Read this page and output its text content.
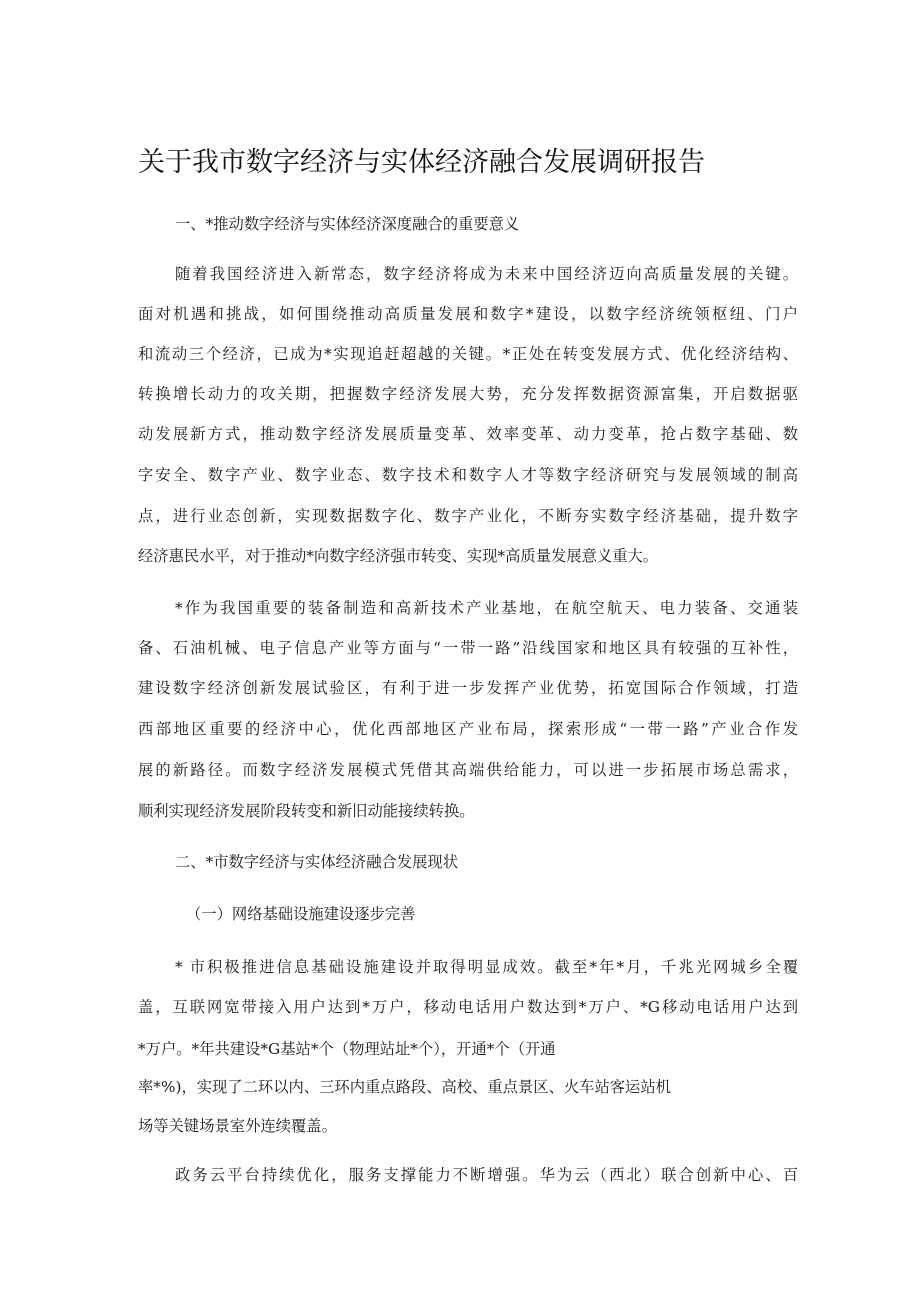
关于我市数字经济与实体经济融合发展调研报告
一、*推动数字经济与实体经济深度融合的重要意义
随着我国经济进入新常态，数字经济将成为未来中国经济迈向高质量发展的关键。
面对机遇和挑战，如何围绕推动高质量发展和数字*建设，以数字经济统领枢纽、门户
和流动三个经济，已成为*实现追赶超越的关键。*正处在转变发展方式、优化经济结构、
转换增长动力的攻关期，把握数字经济发展大势，充分发挥数据资源富集，开启数据驱
动发展新方式，推动数字经济发展质量变革、效率变革、动力变革，抢占数字基础、数
字安全、数字产业、数字业态、数字技术和数字人才等数字经济研究与发展领域的制高
点，进行业态创新，实现数据数字化、数字产业化，不断夯实数字经济基础，提升数字
经济惠民水平，对于推动*向数字经济强市转变、实现*高质量发展意义重大。
*作为我国重要的装备制造和高新技术产业基地，在航空航天、电力装备、交通装
备、石油机械、电子信息产业等方面与“一带一路”沿线国家和地区具有较强的互补性，
建设数字经济创新发展试验区，有利于进一步发挥产业优势，拓宽国际合作领域，打造
西部地区重要的经济中心，优化西部地区产业布局，探索形成“一带一路”产业合作发
展的新路径。而数字经济发展模式凭借其高端供给能力，可以进一步拓展市场总需求，
顺利实现经济发展阶段转变和新旧动能接续转换。
二、*市数字经济与实体经济融合发展现状
（一）网络基础设施建设逐步完善
* 市积极推进信息基础设施建设并取得明显成效。截至*年*月，千兆光网城乡全覆
盖，互联网宽带接入用户达到*万户，移动电话用户数达到*万户、*G移动电话用户达到
*万户。*年共建设*G基站*个（物理站址*个），开通*个（开通
率*%)，实现了二环以内、三环内重点路段、高校、重点景区、火车站客运站机
场等关键场景室外连续覆盖。
政务云平台持续优化，服务支撑能力不断增强。华为云（西北）联合创新中心、百
